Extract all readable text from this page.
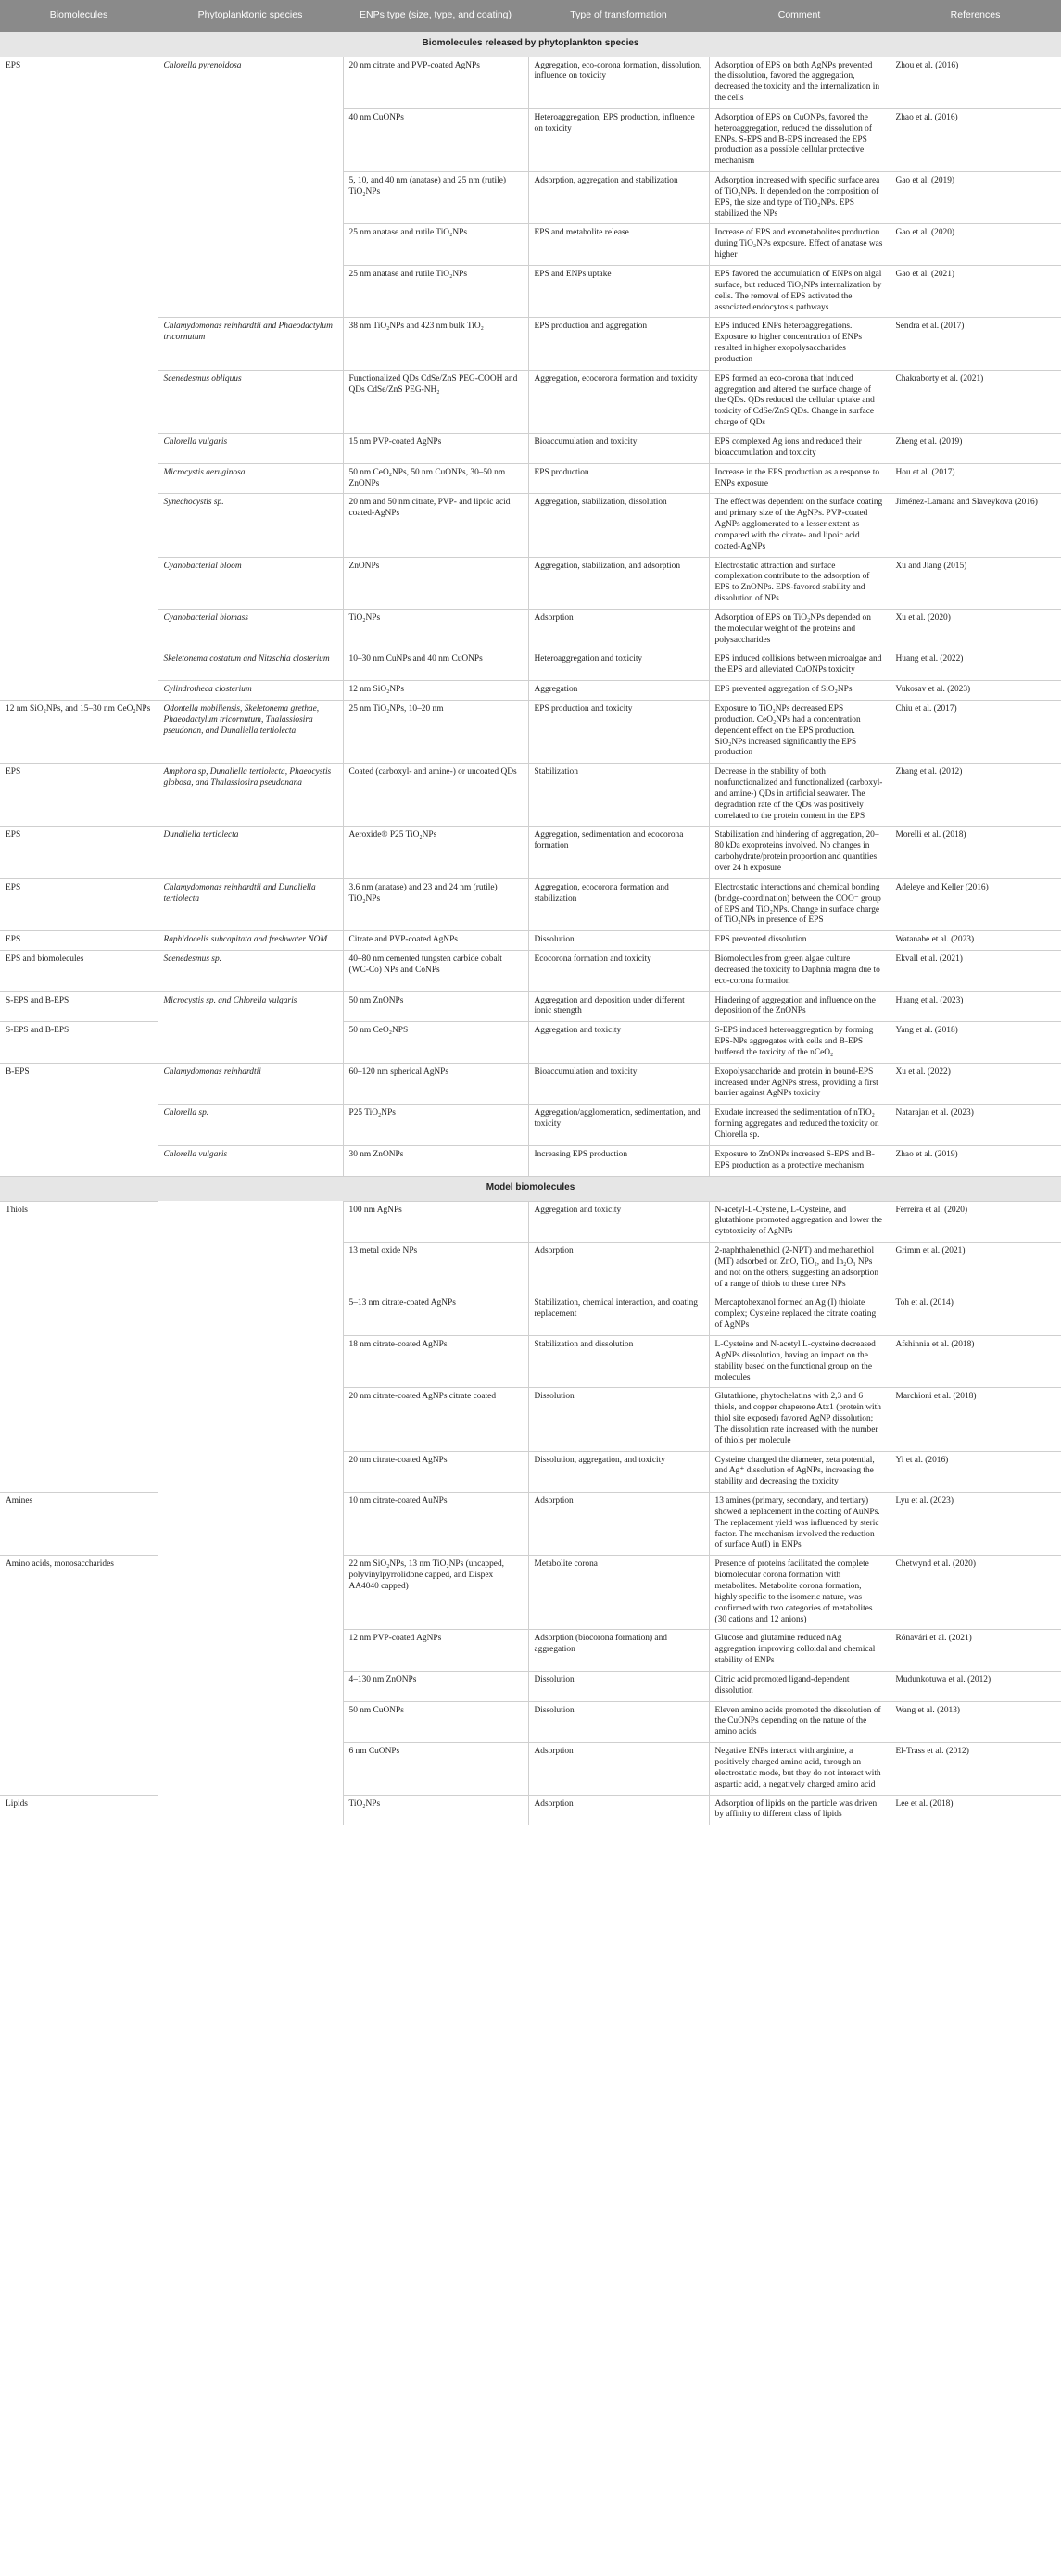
Biomolecules	Phytoplanktonic species	ENPs type (size, type, and coating)	Type of transformation	Comment	References
Biomolecules released by phytoplankton species					
EPS	Chlorella pyrenoidosa	20 nm citrate and PVP-coated AgNPs	Aggregation, eco-corona formation, dissolution, influence on toxicity	Adsorption of EPS on both AgNPs prevented the dissolution, favored the aggregation, decreased the toxicity and the internalization in the cells	Zhou et al. (2016)
		40 nm CuONPs	Heteroaggregation, EPS production, influence on toxicity	Adsorption of EPS on CuONPs, favored the heteroaggregation, reduced the dissolution of ENPs. S-EPS and B-EPS increased the EPS production as a possible cellular protective mechanism	Zhao et al. (2016)
		5, 10, and 40 nm (anatase) and 25 nm (rutile) TiO₂NPs	Adsorption, aggregation and stabilization	Adsorption increased with specific surface area of TiO₂NPs. It depended on the composition of EPS, the size and type of TiO₂NPs. EPS stabilized the NPs	Gao et al. (2019)
		25 nm anatase and rutile TiO₂NPs	EPS and metabolite release	Increase of EPS and exometabolites production during TiO₂NPs exposure. Effect of anatase was higher	Gao et al. (2020)
		25 nm anatase and rutile TiO₂NPs	EPS and ENPs uptake	EPS favored the accumulation of ENPs on algal surface, but reduced TiO₂NPs internalization by cells. The removal of EPS activated the associated endocytosis pathways	Gao et al. (2021)
	Chlamydomonas reinhardtii and Phaeodactylum tricornutum	38 nm TiO₂NPs and 423 nm bulk TiO₂	EPS production and aggregation	EPS induced ENPs heteroaggregations. Exposure to higher concentration of ENPs resulted in higher exopolysaccharides production	Sendra et al. (2017)
	Scenedesmus obliquus	Functionalized QDs CdSe/ZnS PEG-COOH and QDs CdSe/ZnS PEG-NH₂	Aggregation, ecocorona formation and toxicity	EPS formed an eco-corona that induced aggregation and altered the surface charge of the QDs. QDs reduced the cellular uptake and toxicity of CdSe/ZnS QDs. Change in surface charge of QDs	Chakraborty et al. (2021)
	Chlorella vulgaris	15 nm PVP-coated AgNPs	Bioaccumulation and toxicity	EPS complexed Ag ions and reduced their bioaccumulation and toxicity	Zheng et al. (2019)
	Microcystis aeruginosa	50 nm CeO₂NPs, 50 nm CuONPs, 30–50 nm ZnONPs	EPS production	Increase in the EPS production as a response to ENPs exposure	Hou et al. (2017)
	Synechocystis sp.	20 nm and 50 nm citrate, PVP- and lipoic acid coated-AgNPs	Aggregation, stabilization, dissolution	The effect was dependent on the surface coating and primary size of the AgNPs. PVP-coated AgNPs agglomerated to a lesser extent as compared with the citrate- and lipoic acid coated-AgNPs	Jiménez-Lamana and Slaveykova (2016)
	Cyanobacterial bloom	ZnONPs	Aggregation, stabilization, and adsorption	Electrostatic attraction and surface complexation contribute to the adsorption of EPS to ZnONPs. EPS-favored stability and dissolution of NPs	Xu and Jiang (2015)
	Cyanobacterial biomass	TiO₂NPs	Adsorption	Adsorption of EPS on TiO₂NPs depended on the molecular weight of the proteins and polysaccharides	Xu et al. (2020)
	Skeletonema costatum and Nitzschia closterium	10–30 nm CuNPs and 40 nm CuONPs	Heteroaggregation and toxicity	EPS induced collisions between microalgae and the EPS and alleviated CuONPs toxicity	Huang et al. (2022)
	Cylindrotheca closterium	12 nm SiO₂NPs	Aggregation	EPS prevented aggregation of SiO₂NPs	Vukosav et al. (2023)
12 nm SiO₂NPs, and 15–30 nm CeO₂NPs	Odontella mobiliensis, Skeletonema grethae, Phaeodactylum tricornutum, Thalassiosira pseudonan, and Dunaliella tertiolecta	25 nm TiO₂NPs, 10–20 nm	EPS production and toxicity	Exposure to TiO₂NPs decreased EPS production. CeO₂NPs had a concentration dependent effect on the EPS production. SiO₂NPs increased significantly the EPS production	Chiu et al. (2017)
EPS	Amphora sp, Dunaliella tertiolecta, Phaeocystis globosa, and Thalassiosira pseudonana	Coated (carboxyl- and amine-) or uncoated QDs	Stabilization	Decrease in the stability of both nonfunctionalized and functionalized (carboxyl- and amine-) QDs in artificial seawater. The degradation rate of the QDs was positively correlated to the protein content in the EPS	Zhang et al. (2012)
EPS	Dunaliella tertiolecta	Aeroxide® P25 TiO₂NPs	Aggregation, sedimentation and ecocorona formation	Stabilization and hindering of aggregation, 20–80 kDa exoproteins involved. No changes in carbohydrate/protein proportion and quantities over 24 h exposure	Morelli et al. (2018)
EPS	Chlamydomonas reinhardtii and Dunaliella tertiolecta	3.6 nm (anatase) and 23 and 24 nm (rutile) TiO₂NPs	Aggregation, ecocorona formation and stabilization	Electrostatic interactions and chemical bonding (bridge-coordination) between the COO⁻ group of EPS and TiO₂NPs. Change in surface charge of TiO₂NPs in presence of EPS	Adeleye and Keller (2016)
EPS	Raphidocelis subcapitata and freshwater NOM	Citrate and PVP-coated AgNPs	Dissolution	EPS prevented dissolution	Watanabe et al. (2023)
EPS and biomolecules	Scenedesmus sp.	40–80 nm cemented tungsten carbide cobalt (WC-Co) NPs and CoNPs	Ecocorona formation and toxicity	Biomolecules from green algae culture decreased the toxicity to Daphnia magna due to eco-corona formation	Ekvall et al. (2021)
S-EPS and B-EPS	Microcystis sp. and Chlorella vulgaris	50 nm ZnONPs	Aggregation and deposition under different ionic strength	Hindering of aggregation and influence on the deposition of the ZnONPs	Huang et al. (2023)
S-EPS and B-EPS		50 nm CeO₂NPS	Aggregation and toxicity	S-EPS induced heteroaggregation by forming EPS-NPs aggregates with cells and B-EPS buffered the toxicity of the nCeO₂	Yang et al. (2018)
B-EPS	Chlamydomonas reinhardtii	60–120 nm spherical AgNPs	Bioaccumulation and toxicity	Exopolysaccharide and protein in bound-EPS increased under AgNPs stress, providing a first barrier against AgNPs toxicity	Xu et al. (2022)
	Chlorella sp.	P25 TiO₂NPs	Aggregation/agglomeration, sedimentation, and toxicity	Exudate increased the sedimentation of nTiO₂ forming aggregates and reduced the toxicity on Chlorella sp.	Natarajan et al. (2023)
	Chlorella vulgaris	30 nm ZnONPs	Increasing EPS production	Exposure to ZnONPs increased S-EPS and B-EPS production as a protective mechanism	Zhao et al. (2019)
Model biomolecules					
Thiols		100 nm AgNPs	Aggregation and toxicity	N-acetyl-L-Cysteine, L-Cysteine, and glutathione promoted aggregation and lower the cytotoxicity of AgNPs	Ferreira et al. (2020)
		13 metal oxide NPs	Adsorption	2-naphthalenethiol (2-NPT) and methanethiol (MT) adsorbed on ZnO, TiO₂, and In₂O₃ NPs and not on the others, suggesting an adsorption of a range of thiols to these three NPs	Grimm et al. (2021)
		5–13 nm citrate-coated AgNPs	Stabilization, chemical interaction, and coating replacement	Mercaptohexanol formed an Ag (I) thiolate complex; Cysteine replaced the citrate coating of AgNPs	Toh et al. (2014)
		18 nm citrate-coated AgNPs	Stabilization and dissolution	L-Cysteine and N-acetyl L-cysteine decreased AgNPs dissolution, having an impact on the stability based on the functional group on the molecules	Afshinnia et al. (2018)
		20 nm citrate-coated AgNPs citrate coated	Dissolution	Glutathione, phytochelatins with 2,3 and 6 thiols, and copper chaperone Atx1 (protein with thiol site exposed) favored AgNP dissolution; The dissolution rate increased with the number of thiols per molecule	Marchioni et al. (2018)
		20 nm citrate-coated AgNPs	Dissolution, aggregation, and toxicity	Cysteine changed the diameter, zeta potential, and Ag⁺ dissolution of AgNPs, increasing the stability and decreasing the toxicity	Yi et al. (2016)
Amines		10 nm citrate-coated AuNPs	Adsorption	13 amines (primary, secondary, and tertiary) showed a replacement in the coating of AuNPs. The replacement yield was influenced by steric factor. The mechanism involved the reduction of surface Au(I) in ENPs	Lyu et al. (2023)
Amino acids, monosaccharides		22 nm SiO₂NPs, 13 nm TiO₂NPs (uncapped, polyvinylpyrrolidone capped, and Dispex AA4040 capped)	Metabolite corona	Presence of proteins facilitated the complete biomolecular corona formation with metabolites. Metabolite corona formation, highly specific to the isomeric nature, was confirmed with two categories of metabolites (30 cations and 12 anions)	Chetwynd et al. (2020)
		12 nm PVP-coated AgNPs	Adsorption (biocorona formation) and aggregation	Glucose and glutamine reduced nAg aggregation improving colloidal and chemical stability of ENPs	Rónavári et al. (2021)
		4–130 nm ZnONPs	Dissolution	Citric acid promoted ligand-dependent dissolution	Mudunkotuwa et al. (2012)
		50 nm CuONPs	Dissolution	Eleven amino acids promoted the dissolution of the CuONPs depending on the nature of the amino acids	Wang et al. (2013)
		6 nm CuONPs	Adsorption	Negative ENPs interact with arginine, a positively charged amino acid, through an electrostatic mode, but they do not interact with aspartic acid, a negatively charged amino acid	El-Trass et al. (2012)
Lipids		TiO₂NPs	Adsorption	Adsorption of lipids on the particle was driven by affinity to different class of lipids	Lee et al. (2018)
